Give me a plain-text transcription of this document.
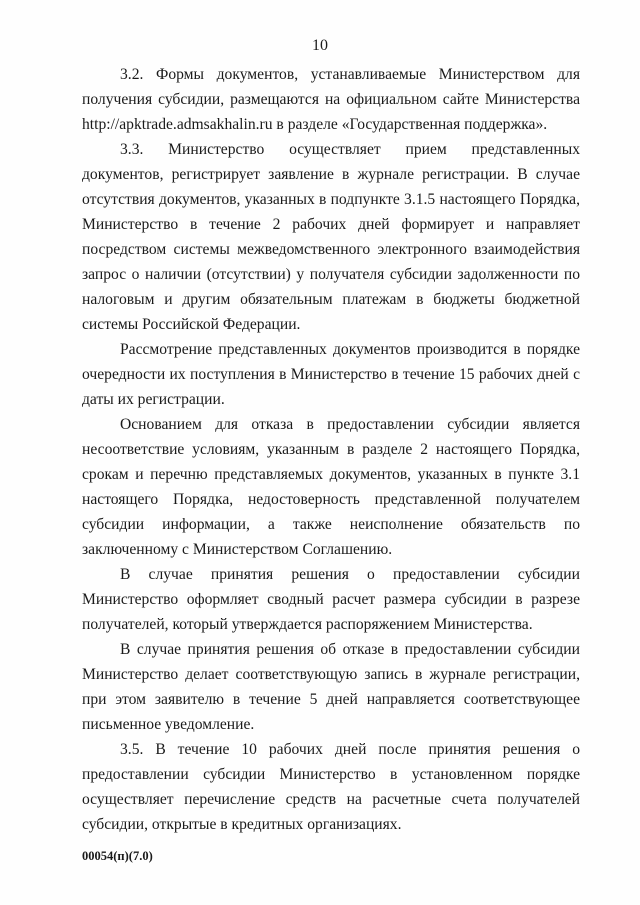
10

3.2. Формы документов, устанавливаемые Министерством для получения субсидии, размещаются на официальном сайте Министерства http://apktrade.admsakhalin.ru в разделе «Государственная поддержка».

3.3. Министерство осуществляет прием представленных документов, регистрирует заявление в журнале регистрации. В случае отсутствия документов, указанных в подпункте 3.1.5 настоящего Порядка, Министерство в течение 2 рабочих дней формирует и направляет посредством системы межведомственного электронного взаимодействия запрос о наличии (отсутствии) у получателя субсидии задолженности по налоговым и другим обязательным платежам в бюджеты бюджетной системы Российской Федерации.

Рассмотрение представленных документов производится в порядке очередности их поступления в Министерство в течение 15 рабочих дней с даты их регистрации.

Основанием для отказа в предоставлении субсидии является несоответствие условиям, указанным в разделе 2 настоящего Порядка, срокам и перечню представляемых документов, указанных в пункте 3.1 настоящего Порядка, недостоверность представленной получателем субсидии информации, а также неисполнение обязательств по заключенному с Министерством Соглашению.

В случае принятия решения о предоставлении субсидии Министерство оформляет сводный расчет размера субсидии в разрезе получателей, который утверждается распоряжением Министерства.

В случае принятия решения об отказе в предоставлении субсидии Министерство делает соответствующую запись в журнале регистрации, при этом заявителю в течение 5 дней направляется соответствующее письменное уведомление.

3.5. В течение 10 рабочих дней после принятия решения о предоставлении субсидии Министерство в установленном порядке осуществляет перечисление средств на расчетные счета получателей субсидии, открытые в кредитных организациях.

00054(п)(7.0)
